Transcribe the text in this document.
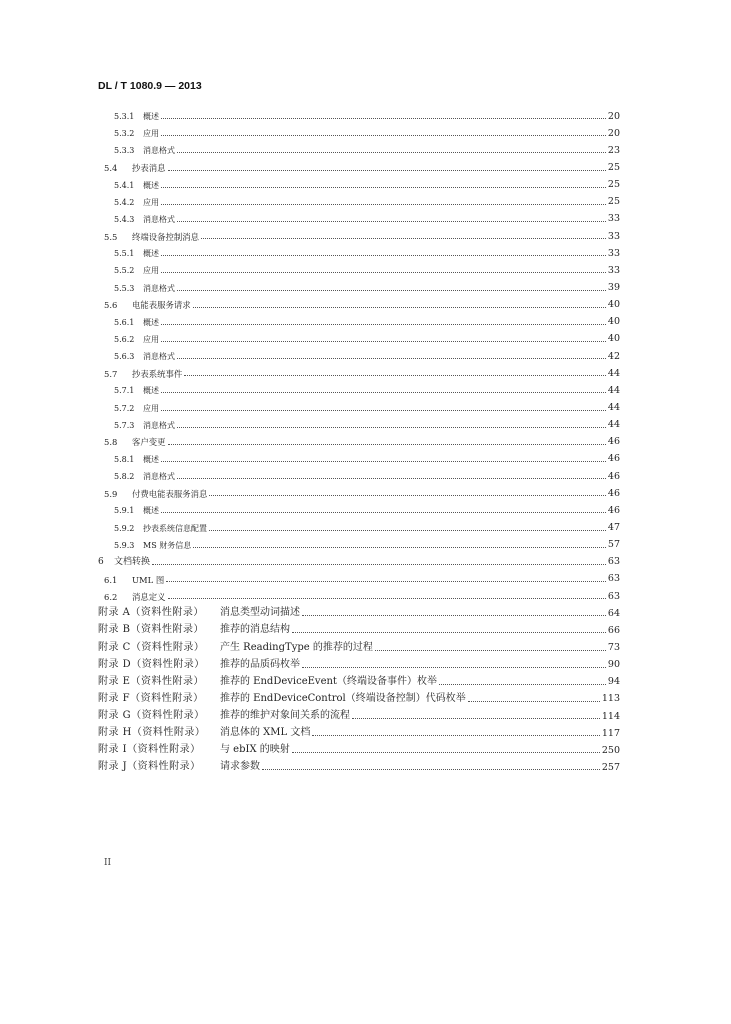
DL / T 1080.9 — 2013
5.3.1	概述	20
5.3.2	应用	20
5.3.3	消息格式	23
5.4	抄表消息	25
5.4.1	概述	25
5.4.2	应用	25
5.4.3	消息格式	33
5.5	终端设备控制消息	33
5.5.1	概述	33
5.5.2	应用	33
5.5.3	消息格式	39
5.6	电能表服务请求	40
5.6.1	概述	40
5.6.2	应用	40
5.6.3	消息格式	42
5.7	抄表系统事件	44
5.7.1	概述	44
5.7.2	应用	44
5.7.3	消息格式	44
5.8	客户变更	46
5.8.1	概述	46
5.8.2	消息格式	46
5.9	付费电能表服务消息	46
5.9.1	概述	46
5.9.2	抄表系统信息配置	47
5.9.3	MS 财务信息	57
6	文档转换	63
6.1	UML 图	63
6.2	消息定义	63
附录 A（资料性附录）	消息类型动词描述	64
附录 B（资料性附录）	推荐的消息结构	66
附录 C（资料性附录）	产生 ReadingType 的推荐的过程	73
附录 D（资料性附录）	推荐的品质码枚举	90
附录 E（资料性附录）	推荐的 EndDeviceEvent（终端设备事件）枚举	94
附录 F（资料性附录）	推荐的 EndDeviceControl（终端设备控制）代码枚举	113
附录 G（资料性附录）	推荐的维护对象间关系的流程	114
附录 H（资料性附录）	消息体的 XML 文档	117
附录 I（资料性附录）	与 ebIX 的映射	250
附录 J（资料性附录）	请求参数	257
II
